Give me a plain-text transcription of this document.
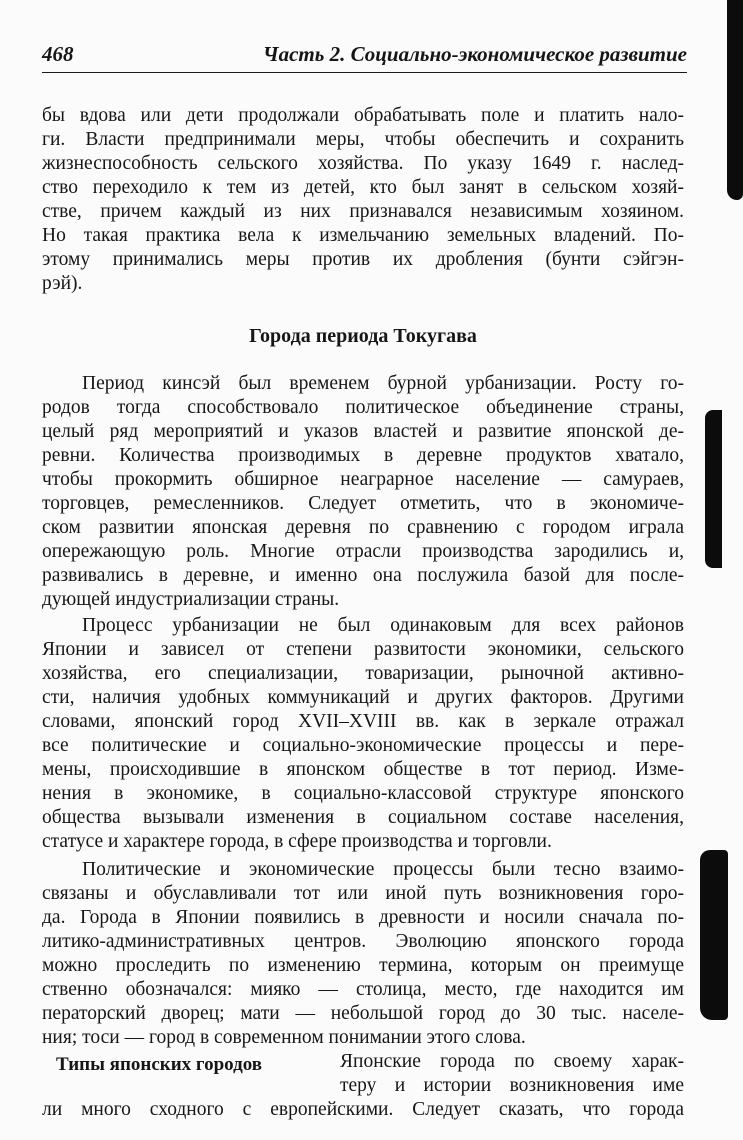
468	Часть 2. Социально-экономическое развитие
бы вдова или дети продолжали обрабатывать поле и платить нало-
ги. Власти предпринимали меры, чтобы обеспечить и сохранить
жизнеспособность сельского хозяйства. По указу 1649 г. наслед-
ство переходило к тем из детей, кто был занят в сельском хозяй-
стве, причем каждый из них признавался независимым хозяином.
Но такая практика вела к измельчанию земельных владений. По-
этому принимались меры против их дробления (бунти сэйгэн-
рэй).
Города периода Токугава
Период кинсэй был временем бурной урбанизации. Росту го-
родов тогда способствовало политическое объединение страны,
целый ряд мероприятий и указов властей и развитие японской де-
ревни. Количества производимых в деревне продуктов хватало,
чтобы прокормить обширное неаграрное население — самураев,
торговцев, ремесленников. Следует отметить, что в экономиче-
ском развитии японская деревня по сравнению с городом играла
опережающую роль. Многие отрасли производства зародились и,
развивались в деревне, и именно она послужила базой для после-
дующей индустриализации страны.
Процесс урбанизации не был одинаковым для всех районов
Японии и зависел от степени развитости экономики, сельского
хозяйства, его специализации, товаризации, рыночной активно-
сти, наличия удобных коммуникаций и других факторов. Другими
словами, японский город XVII–XVIII вв. как в зеркале отражал
все политические и социально-экономические процессы и пере-
мены, происходившие в японском обществе в тот период. Изме-
нения в экономике, в социально-классовой структуре японского
общества вызывали изменения в социальном составе населения,
статусе и характере города, в сфере производства и торговли.
Политические и экономические процессы были тесно взаимо-
связаны и обуславливали тот или иной путь возникновения горо-
да. Города в Японии появились в древности и носили сначала по-
литико-административных центров. Эволюцию японского города
можно проследить по изменению термина, которым он преимуще
ственно обозначался: мияко — столица, место, где находится им
ператорский дворец; мати — небольшой город до 30 тыс. населе-
ния; тоси — город в современном понимании этого слова.
Типы японских городов	Японские города по своему харак-
теру и истории возникновения име
ли много сходного с европейскими. Следует сказать, что города
